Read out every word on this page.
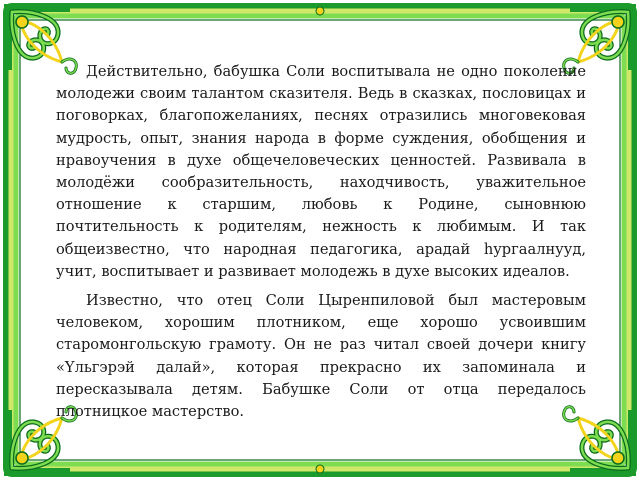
Действительно, бабушка Соли воспитывала не одно поколение молодежи своим талантом сказителя. Ведь в сказках, пословицах и поговорках, благопожеланиях, песнях отразились многовековая мудрость, опыт, знания народа в форме суждения, обобщения и нравоучения в духе общечеловеческих ценностей. Развивала в молодёжи сообразительность, находчивость, уважительное отношение к старшим, любовь к Родине, сыновнюю почтительность к родителям, нежность к любимым. И так общеизвестно, что народная педагогика, арадай һургаалнууд, учит, воспитывает и развивает молодежь в духе высоких идеалов.

Известно, что отец Соли Цыренпиловой был мастеровым человеком, хорошим плотником, еще хорошо усвоившим старомонгольскую грамоту. Он не раз читал своей дочери книгу «Үльгэрэй далай», которая прекрасно их запоминала и пересказывала детям. Бабушке Соли от отца передалось плотницкое мастерство.
